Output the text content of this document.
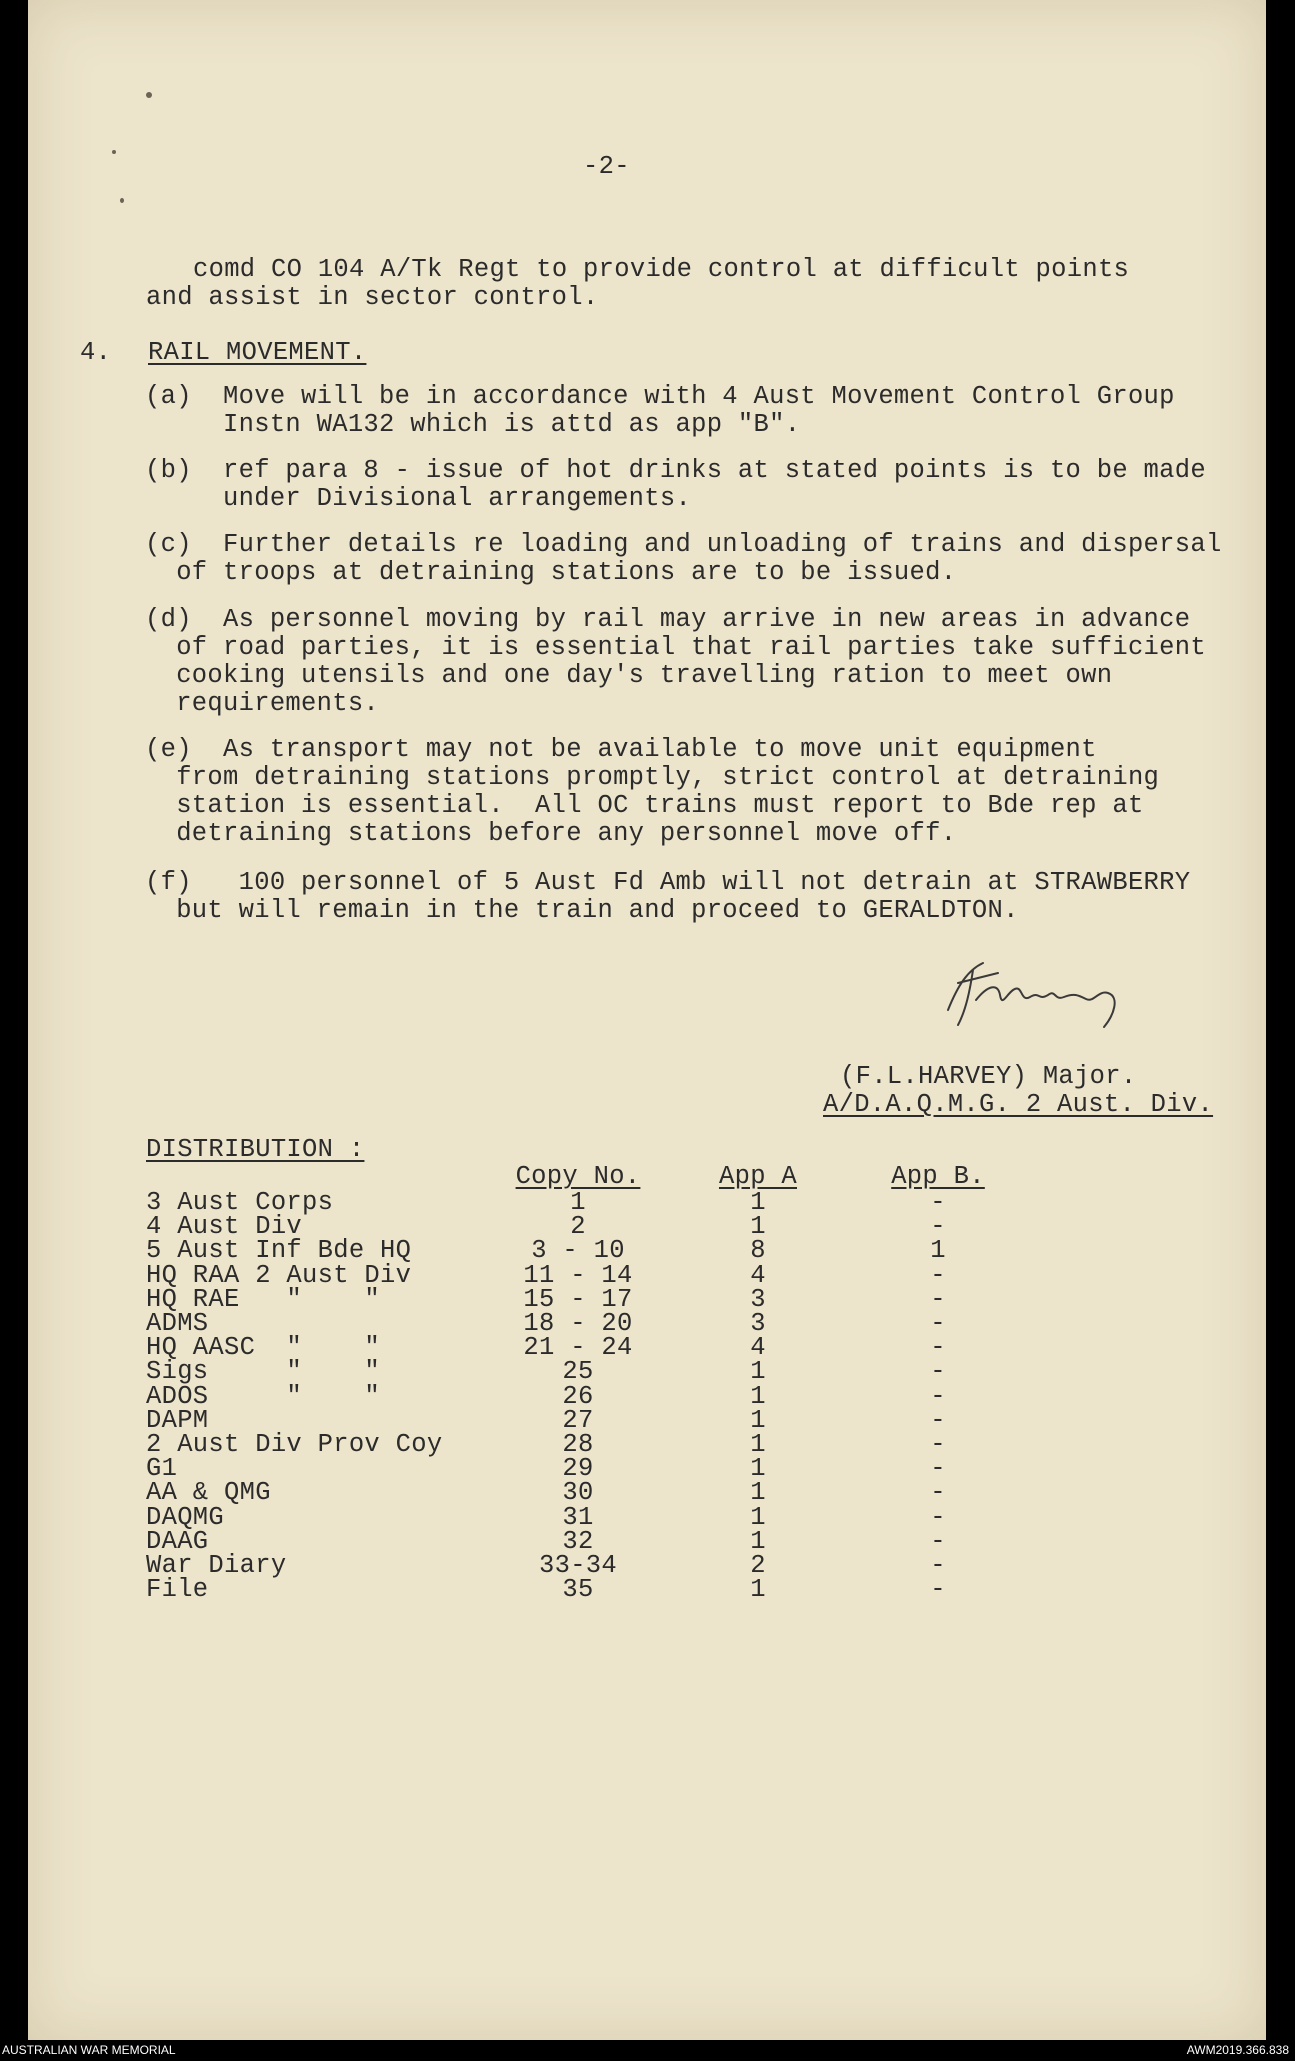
-2-
comd CO 104 A/Tk Regt to provide control at difficult points
and assist in sector control.
4. RAIL MOVEMENT.
(a)  Move will be in accordance with 4 Aust Movement Control Group
Instn WA132 which is attd as app "B".
(b)  ref para 8 - issue of hot drinks at stated points is to be made
under Divisional arrangements.
(c)  Further details re loading and unloading of trains and dispersal
of troops at detraining stations are to be issued.
(d)  As personnel moving by rail may arrive in new areas in advance
of road parties, it is essential that rail parties take sufficient
cooking utensils and one day's travelling ration to meet own
requirements.
(e)  As transport may not be available to move unit equipment
from detraining stations promptly, strict control at detraining
station is essential.  All OC trains must report to Bde rep at
detraining stations before any personnel move off.
(f)   100 personnel of 5 Aust Fd Amb will not detrain at STRAWBERRY
but will remain in the train and proceed to GERALDTON.
(F.L.HARVEY) Major.
A/D.A.Q.M.G. 2 Aust. Div.
DISTRIBUTION :
Copy No.	App A	App B.
3 Aust Corps	1	1	-
4 Aust Div	2	1	-
5 Aust Inf Bde HQ	3 - 10	8	1
HQ RAA 2 Aust Div	11 - 14	4	-
HQ RAE   "    "	15 - 17	3	-
ADMS	18 - 20	3	-
HQ AASC  "    "	21 - 24	4	-
Sigs     "    "	25	1	-
ADOS     "    "	26	1	-
DAPM	27	1	-
2 Aust Div Prov Coy	28	1	-
G1	29	1	-
AA & QMG	30	1	-
DAQMG	31	1	-
DAAG	32	1	-
War Diary	33-34	2	-
File	35	1	-
AUSTRALIAN WAR MEMORIAL	AWM2019.366.838
